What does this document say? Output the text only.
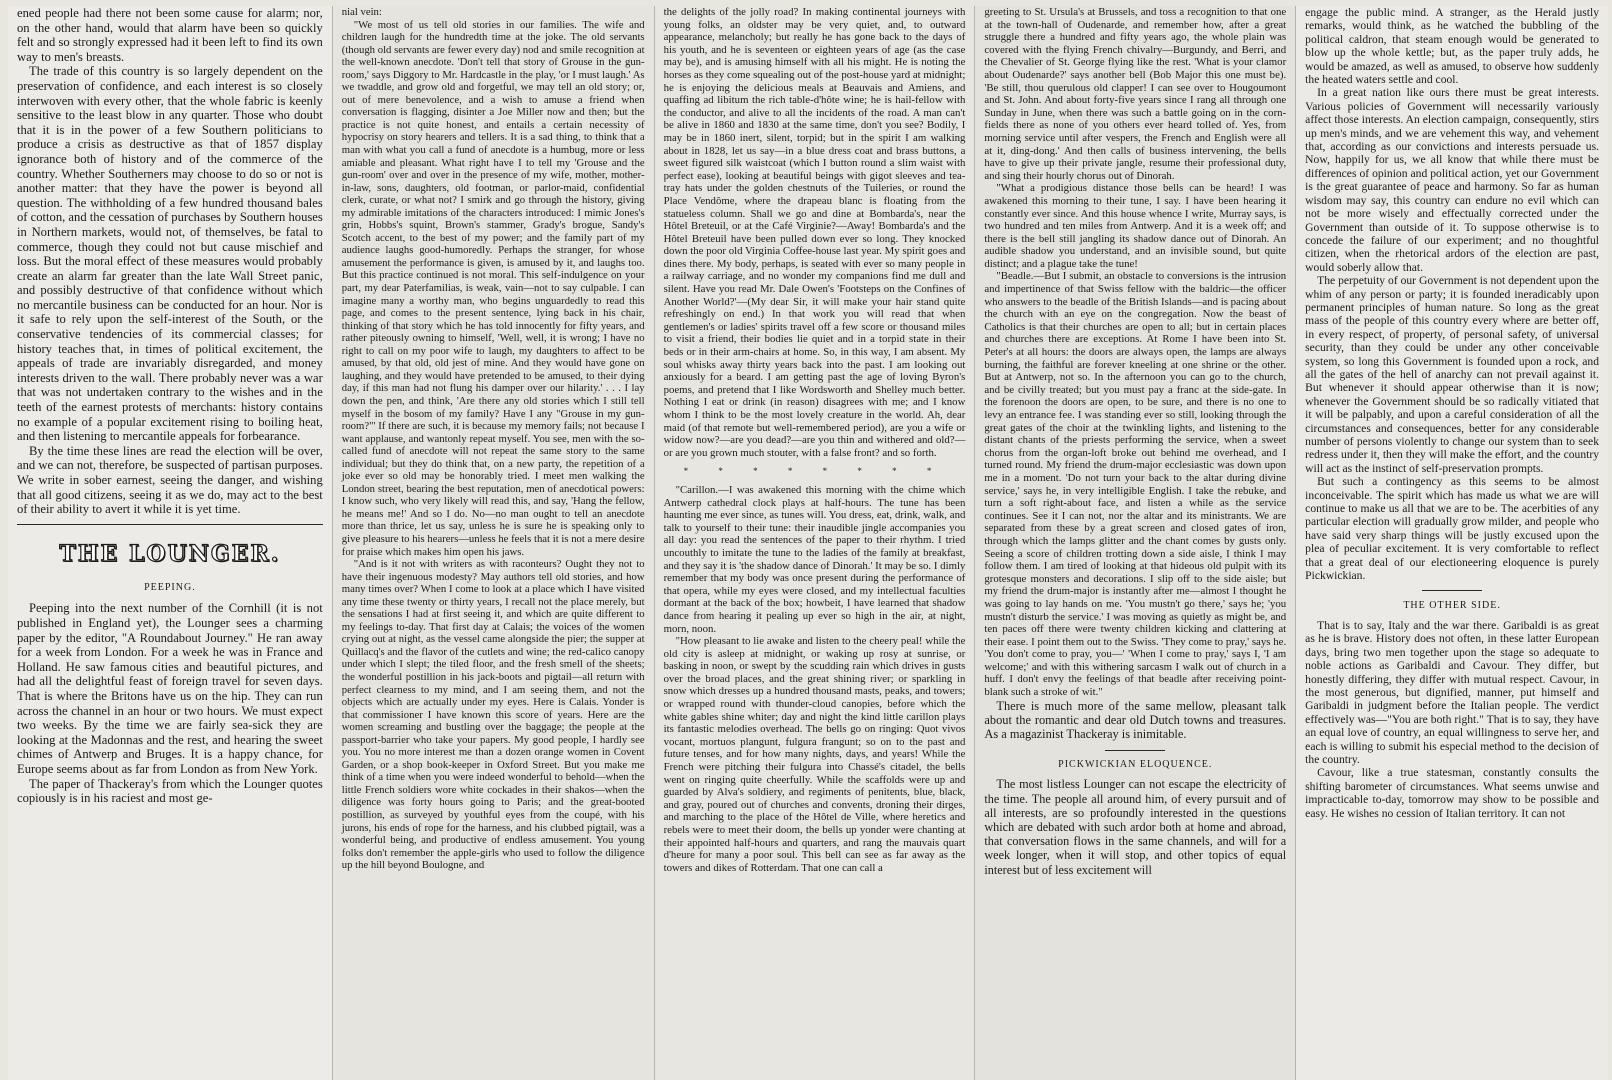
ened people had there not been some cause for alarm; nor, on the other hand, would that alarm have been so quickly felt and so strongly expressed had it been left to find its own way to men's breasts.

The trade of this country is so largely dependent on the preservation of confidence, and each interest is so closely interwoven with every other, that the whole fabric is keenly sensitive to the least blow in any quarter. Those who doubt that it is in the power of a few Southern politicians to produce a crisis as destructive as that of 1857 display ignorance both of history and of the commerce of the country. Whether Southerners may choose to do so or not is another matter: that they have the power is beyond all question. The withholding of a few hundred thousand bales of cotton, and the cessation of purchases by Southern houses in Northern markets, would not, of themselves, be fatal to commerce, though they could not but cause mischief and loss. But the moral effect of these measures would probably create an alarm far greater than the late Wall Street panic, and possibly destructive of that confidence without which no mercantile business can be conducted for an hour. Nor is it safe to rely upon the self-interest of the South, or the conservative tendencies of its commercial classes; for history teaches that, in times of political excitement, the appeals of trade are invariably disregarded, and money interests driven to the wall. There probably never was a war that was not undertaken contrary to the wishes and in the teeth of the earnest protests of merchants: history contains no example of a popular excitement rising to boiling heat, and then listening to mercantile appeals for forbearance.

By the time these lines are read the election will be over, and we can not, therefore, be suspected of partisan purposes. We write in sober earnest, seeing the danger, and wishing that all good citizens, seeing it as we do, may act to the best of their ability to avert it while it is yet time.

THE LOUNGER.
PEEPING.

Peeping into the next number of the Cornhill (it is not published in England yet), the Lounger sees a charming paper by the editor, "A Roundabout Journey." He ran away for a week from London. For a week he was in France and Holland. He saw famous cities and beautiful pictures, and had all the delightful feast of foreign travel for seven days. That is where the Britons have us on the hip. They can run across the channel in an hour or two hours. We must expect two weeks. By the time we are fairly sea-sick they are looking at the Madonnas and the rest, and hearing the sweet chimes of Antwerp and Bruges. It is a happy chance, for Europe seems about as far from London as from New York.

The paper of Thackeray's from which the Lounger quotes copiously is in his raciest and most ge-

nial vein:

"We most of us tell old stories in our families. The wife and children laugh for the hundredth time at the joke. The old servants (though old servants are fewer every day) nod and smile recognition at the well-known anecdote. 'Don't tell that story of Grouse in the gun-room,' says Diggory to Mr. Hardcastle in the play, 'or I must laugh.' As we twaddle, and grow old and forgetful, we may tell an old story; or, out of mere benevolence, and a wish to amuse a friend when conversation is flagging, disinter a Joe Miller now and then; but the practice is not quite honest, and entails a certain necessity of hypocrisy on story hearers and tellers. It is a sad thing, to think that a man with what you call a fund of anecdote is a humbug, more or less amiable and pleasant. What right have I to tell my 'Grouse and the gun-room' over and over in the presence of my wife, mother, mother-in-law, sons, daughters, old footman, or parlor-maid, confidential clerk, curate, or what not? I smirk and go through the history, giving my admirable imitations of the characters introduced: I mimic Jones's grin, Hobbs's squint, Brown's stammer, Grady's brogue, Sandy's Scotch accent, to the best of my power; and the family part of my audience laughs good-humoredly. Perhaps the stranger, for whose amusement the performance is given, is amused by it, and laughs too. But this practice continued is not moral. This self-indulgence on your part, my dear Paterfamilias, is weak, vain—not to say culpable. I can imagine many a worthy man, who begins unguardedly to read this page, and comes to the present sentence, lying back in his chair, thinking of that story which he has told innocently for fifty years, and rather piteously owning to himself, 'Well, well, it is wrong; I have no right to call on my poor wife to laugh, my daughters to affect to be amused, by that old, old jest of mine. And they would have gone on laughing, and they would have pretended to be amused, to their dying day, if this man had not flung his damper over our hilarity.' . . . I lay down the pen, and think, 'Are there any old stories which I still tell myself in the bosom of my family? Have I any "Grouse in my gun-room?"' If there are such, it is because my memory fails; not because I want applause, and wantonly repeat myself. You see, men with the so-called fund of anecdote will not repeat the same story to the same individual; but they do think that, on a new party, the repetition of a joke ever so old may be honorably tried. I meet men walking the London street, bearing the best reputation, men of anecdotical powers: I know such, who very likely will read this, and say, 'Hang the fellow, he means me!' And so I do. No—no man ought to tell an anecdote more than thrice, let us say, unless he is sure he is speaking only to give pleasure to his hearers—unless he feels that it is not a mere desire for praise which makes him open his jaws.

"And is it not with writers as with raconteurs? Ought they not to have their ingenuous modesty? May authors tell old stories, and how many times over? When I come to look at a place which I have visited any time these twenty or thirty years, I recall not the place merely, but the sensations I had at first seeing it, and which are quite different to my feelings to-day. That first day at Calais; the voices of the women crying out at night, as the vessel came alongside the pier; the supper at Quillacq's and the flavor of the cutlets and wine; the red-calico canopy under which I slept; the tiled floor, and the fresh smell of the sheets; the wonderful postillion in his jack-boots and pigtail—all return with perfect clearness to my mind, and I am seeing them, and not the objects which are actually under my eyes. Here is Calais. Yonder is that commissioner I have known this score of years. Here are the women screaming and bustling over the baggage; the people at the passport-barrier who take your papers. My good people, I hardly see you. You no more interest me than a dozen orange women in Covent Garden, or a shop book-keeper in Oxford Street. But you make me think of a time when you were indeed wonderful to behold—when the little French soldiers wore white cockades in their shakos—when the diligence was forty hours going to Paris; and the great-booted postillion, as surveyed by youthful eyes from the coupé, with his jurons, his ends of rope for the harness, and his clubbed pigtail, was a wonderful being, and productive of endless amusement. You young folks don't remember the apple-girls who used to follow the diligence up the hill beyond Boulogne, and

the delights of the jolly road? In making continental journeys with young folks, an oldster may be very quiet, and, to outward appearance, melancholy; but really he has gone back to the days of his youth, and he is seventeen or eighteen years of age (as the case may be), and is amusing himself with all his might. He is noting the horses as they come squealing out of the post-house yard at midnight; he is enjoying the delicious meals at Beauvais and Amiens, and quaffing ad libitum the rich table-d'hôte wine; he is hail-fellow with the conductor, and alive to all the incidents of the road. A man can't be alive in 1860 and 1830 at the same time, don't you see? Bodily, I may be in 1860 inert, silent, torpid; but in the spirit I am walking about in 1828, let us say—in a blue dress coat and brass buttons, a sweet figured silk waistcoat (which I button round a slim waist with perfect ease), looking at beautiful beings with gigot sleeves and tea-tray hats under the golden chestnuts of the Tuileries, or round the Place Vendôme, where the drapeau blanc is floating from the statueless column. Shall we go and dine at Bombarda's, near the Hôtel Breteuil, or at the Café Virginie?—Away! Bombarda's and the Hôtel Breteuil have been pulled down ever so long. They knocked down the poor old Virginia Coffee-house last year. My spirit goes and dines there. My body, perhaps, is seated with ever so many people in a railway carriage, and no wonder my companions find me dull and silent. Have you read Mr. Dale Owen's 'Footsteps on the Confines of Another World?'—(My dear Sir, it will make your hair stand quite refreshingly on end.) In that work you will read that when gentlemen's or ladies' spirits travel off a few score or thousand miles to visit a friend, their bodies lie quiet and in a torpid state in their beds or in their arm-chairs at home. So, in this way, I am absent. My soul whisks away thirty years back into the past. I am looking out anxiously for a beard. I am getting past the age of loving Byron's poems, and pretend that I like Wordsworth and Shelley much better. Nothing I eat or drink (in reason) disagrees with me; and I know whom I think to be the most lovely creature in the world. Ah, dear maid (of that remote but well-remembered period), are you a wife or widow now?—are you dead?—are you thin and withered and old?—or are you grown much stouter, with a false front? and so forth.

* * * * * * * *

"Carillon.—I was awakened this morning with the chime which Antwerp cathedral clock plays at half-hours. The tune has been haunting me ever since, as tunes will. You dress, eat, drink, walk, and talk to yourself to their tune: their inaudible jingle accompanies you all day: you read the sentences of the paper to their rhythm. I tried uncouthly to imitate the tune to the ladies of the family at breakfast, and they say it is 'the shadow dance of Dinorah.' It may be so. I dimly remember that my body was once present during the performance of that opera, while my eyes were closed, and my intellectual faculties dormant at the back of the box; howbeit, I have learned that shadow dance from hearing it pealing up ever so high in the air, at night, morn, noon.

"How pleasant to lie awake and listen to the cheery peal! while the old city is asleep at midnight, or waking up rosy at sunrise, or basking in noon, or swept by the scudding rain which drives in gusts over the broad places, and the great shining river; or sparkling in snow which dresses up a hundred thousand masts, peaks, and towers; or wrapped round with thunder-cloud canopies, before which the white gables shine whiter; day and night the kind little carillon plays its fantastic melodies overhead. The bells go on ringing: Quot vivos vocant, mortuos plangunt, fulgura frangunt; so on to the past and future tenses, and for how many nights, days, and years! While the French were pitching their fulgura into Chassé's citadel, the bells went on ringing quite cheerfully. While the scaffolds were up and guarded by Alva's soldiery, and regiments of penitents, blue, black, and gray, poured out of churches and convents, droning their dirges, and marching to the place of the Hôtel de Ville, where heretics and rebels were to meet their doom, the bells up yonder were chanting at their appointed half-hours and quarters, and rang the mauvais quart d'heure for many a poor soul. This bell can see as far away as the towers and dikes of Rotterdam. That one can call a

greeting to St. Ursula's at Brussels, and toss a recognition to that one at the town-hall of Oudenarde, and remember how, after a great struggle there a hundred and fifty years ago, the whole plain was covered with the flying French chivalry—Burgundy, and Berri, and the Chevalier of St. George flying like the rest. 'What is your clamor about Oudenarde?' says another bell (Bob Major this one must be). 'Be still, thou querulous old clapper! I can see over to Hougoumont and St. John. And about forty-five years since I rang all through one Sunday in June, when there was such a battle going on in the corn-fields there as none of you others ever heard tolled of. Yes, from morning service until after vespers, the French and English were all at it, ding-dong.' And then calls of business intervening, the bells have to give up their private jangle, resume their professional duty, and sing their hourly chorus out of Dinorah.

"What a prodigious distance those bells can be heard! I was awakened this morning to their tune, I say. I have been hearing it constantly ever since. And this house whence I write, Murray says, is two hundred and ten miles from Antwerp. And it is a week off; and there is the bell still jangling its shadow dance out of Dinorah. An audible shadow you understand, and an invisible sound, but quite distinct; and a plague take the tune!

"Beadle.—But I submit, an obstacle to conversions is the intrusion and impertinence of that Swiss fellow with the baldric—the officer who answers to the beadle of the British Islands—and is pacing about the church with an eye on the congregation. Now the beast of Catholics is that their churches are open to all; but in certain places and churches there are exceptions. At Rome I have been into St. Peter's at all hours: the doors are always open, the lamps are always burning, the faithful are forever kneeling at one shrine or the other. But at Antwerp, not so. In the afternoon you can go to the church, and be civilly treated; but you must pay a franc at the side-gate. In the forenoon the doors are open, to be sure, and there is no one to levy an entrance fee. I was standing ever so still, looking through the great gates of the choir at the twinkling lights, and listening to the distant chants of the priests performing the service, when a sweet chorus from the organ-loft broke out behind me overhead, and I turned round. My friend the drum-major ecclesiastic was down upon me in a moment. 'Do not turn your back to the altar during divine service,' says he, in very intelligible English. I take the rebuke, and turn a soft right-about face, and listen a while as the service continues. See it I can not, nor the altar and its ministrants. We are separated from these by a great screen and closed gates of iron, through which the lamps glitter and the chant comes by gusts only. Seeing a score of children trotting down a side aisle, I think I may follow them. I am tired of looking at that hideous old pulpit with its grotesque monsters and decorations. I slip off to the side aisle; but my friend the drum-major is instantly after me—almost I thought he was going to lay hands on me. 'You mustn't go there,' says he; 'you mustn't disturb the service.' I was moving as quietly as might be, and ten paces off there were twenty children kicking and clattering at their ease. I point them out to the Swiss. 'They come to pray,' says he. 'You don't come to pray, you—' 'When I come to pray,' says I, 'I am welcome;' and with this withering sarcasm I walk out of church in a huff. I don't envy the feelings of that beadle after receiving point-blank such a stroke of wit."

There is much more of the same mellow, pleasant talk about the romantic and dear old Dutch towns and treasures. As a magazinist Thackeray is inimitable.

PICKWICKIAN ELOQUENCE.

The most listless Lounger can not escape the electricity of the time. The people all around him, of every pursuit and of all interests, are so profoundly interested in the questions which are debated with such ardor both at home and abroad, that conversation flows in the same channels, and will for a week longer, when it will stop, and other topics of equal interest but of less excitement will

engage the public mind. A stranger, as the Herald justly remarks, would think, as he watched the bubbling of the political caldron, that steam enough would be generated to blow up the whole kettle; but, as the paper truly adds, he would be amazed, as well as amused, to observe how suddenly the heated waters settle and cool.

In a great nation like ours there must be great interests. Various policies of Government will necessarily variously affect those interests. An election campaign, consequently, stirs up men's minds, and we are vehement this way, and vehement that, according as our convictions and interests persuade us. Now, happily for us, we all know that while there must be differences of opinion and political action, yet our Government is the great guarantee of peace and harmony. So far as human wisdom may say, this country can endure no evil which can not be more wisely and effectually corrected under the Government than outside of it. To suppose otherwise is to concede the failure of our experiment; and no thoughtful citizen, when the rhetorical ardors of the election are past, would soberly allow that.

The perpetuity of our Government is not dependent upon the whim of any person or party; it is founded ineradicably upon permanent principles of human nature. So long as the great mass of the people of this country every where are better off, in every respect, of property, of personal safety, of universal security, than they could be under any other conceivable system, so long this Government is founded upon a rock, and all the gates of the hell of anarchy can not prevail against it. But whenever it should appear otherwise than it is now; whenever the Government should be so radically vitiated that it will be palpably, and upon a careful consideration of all the circumstances and consequences, better for any considerable number of persons violently to change our system than to seek redress under it, then they will make the effort, and the country will act as the instinct of self-preservation prompts.

But such a contingency as this seems to be almost inconceivable. The spirit which has made us what we are will continue to make us all that we are to be. The acerbities of any particular election will gradually grow milder, and people who have said very sharp things will be justly excused upon the plea of peculiar excitement. It is very comfortable to reflect that a great deal of our electioneering eloquence is purely Pickwickian.

THE OTHER SIDE.

That is to say, Italy and the war there. Garibaldi is as great as he is brave. History does not often, in these latter European days, bring two men together upon the stage so adequate to noble actions as Garibaldi and Cavour. They differ, but honestly differing, they differ with mutual respect. Cavour, in the most generous, but dignified, manner, put himself and Garibaldi in judgment before the Italian people. The verdict effectively was—"You are both right." That is to say, they have an equal love of country, an equal willingness to serve her, and each is willing to submit his especial method to the decision of the country.

Cavour, like a true statesman, constantly consults the shifting barometer of circumstances. What seems unwise and impracticable to-day, tomorrow may show to be possible and easy. He wishes no cession of Italian territory. It can not
